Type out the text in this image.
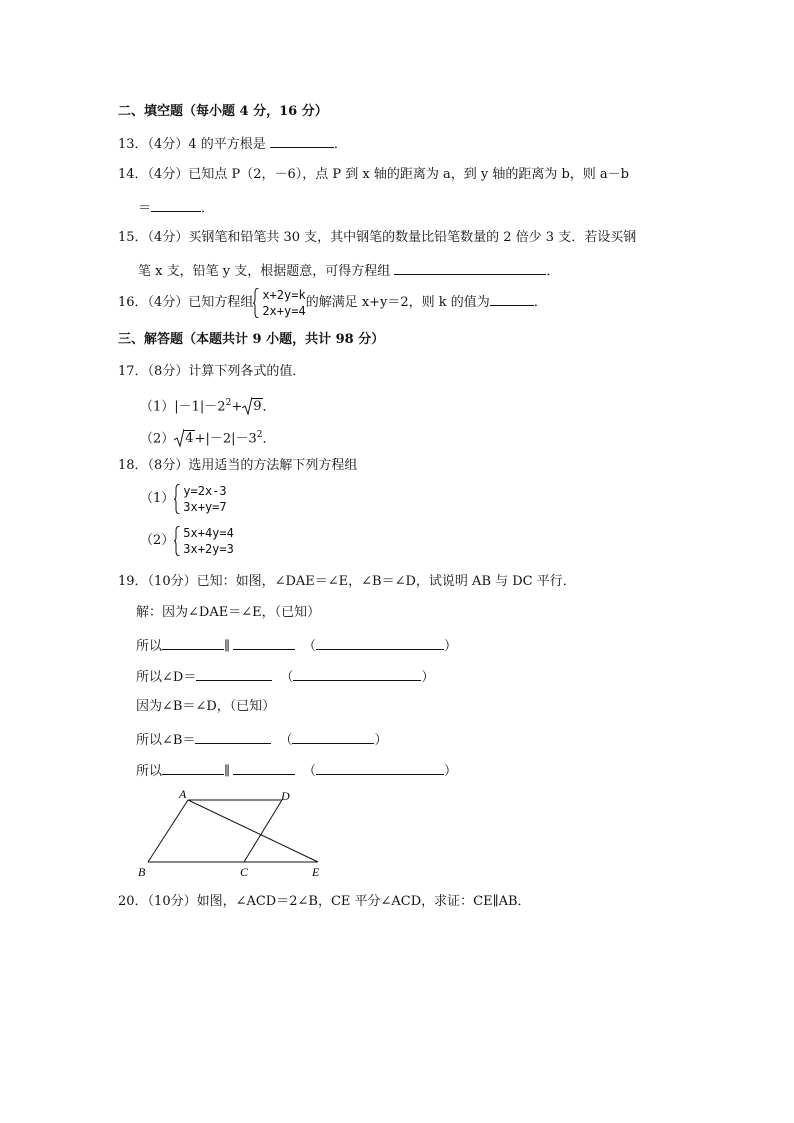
二、填空题（每小题 4 分，16 分）
13．（4分）4 的平方根是	．
14．（4分）已知点 P（2，－6），点 P 到 x 轴的距离为 a，到 y 轴的距离为 b，则 a－b
＝	．
15．（4分）买钢笔和铅笔共 30 支，其中钢笔的数量比铅笔数量的 2 倍少 3 支．若设买钢
笔 x 支，铅笔 y 支，根据题意，可得方程组	．
16．（4分）已知方程组
x+2y=k
2x+y=4
的解满足 x+y＝2，则 k 的值为	．
三、解答题（本题共计 9 小题，共计 98 分）
17．（8分）计算下列各式的值．
$(1)|-1|-2^2+ 9$．
（2） $4+|-2|-3^2$．
18．（8分）选用适当的方法解下列方程组
（1）
y=2x-3
3x+y=7
（2）
5x+4y=4
3x+2y=3
19．（10分）已知：如图，∠DAE＝∠E，∠B＝∠D，试说明 AB 与 DC 平行．
解：因为∠DAE＝∠E，（已知）
所以	∥	（	）
所以∠D＝	（	）
因为∠B＝∠D，（已知）
所以∠B＝	（	）
所以	∥	（	）
A	D
B	C	E
20．（10分）如图，∠ACD＝2∠B，CE 平分∠ACD，求证：CE∥AB．
